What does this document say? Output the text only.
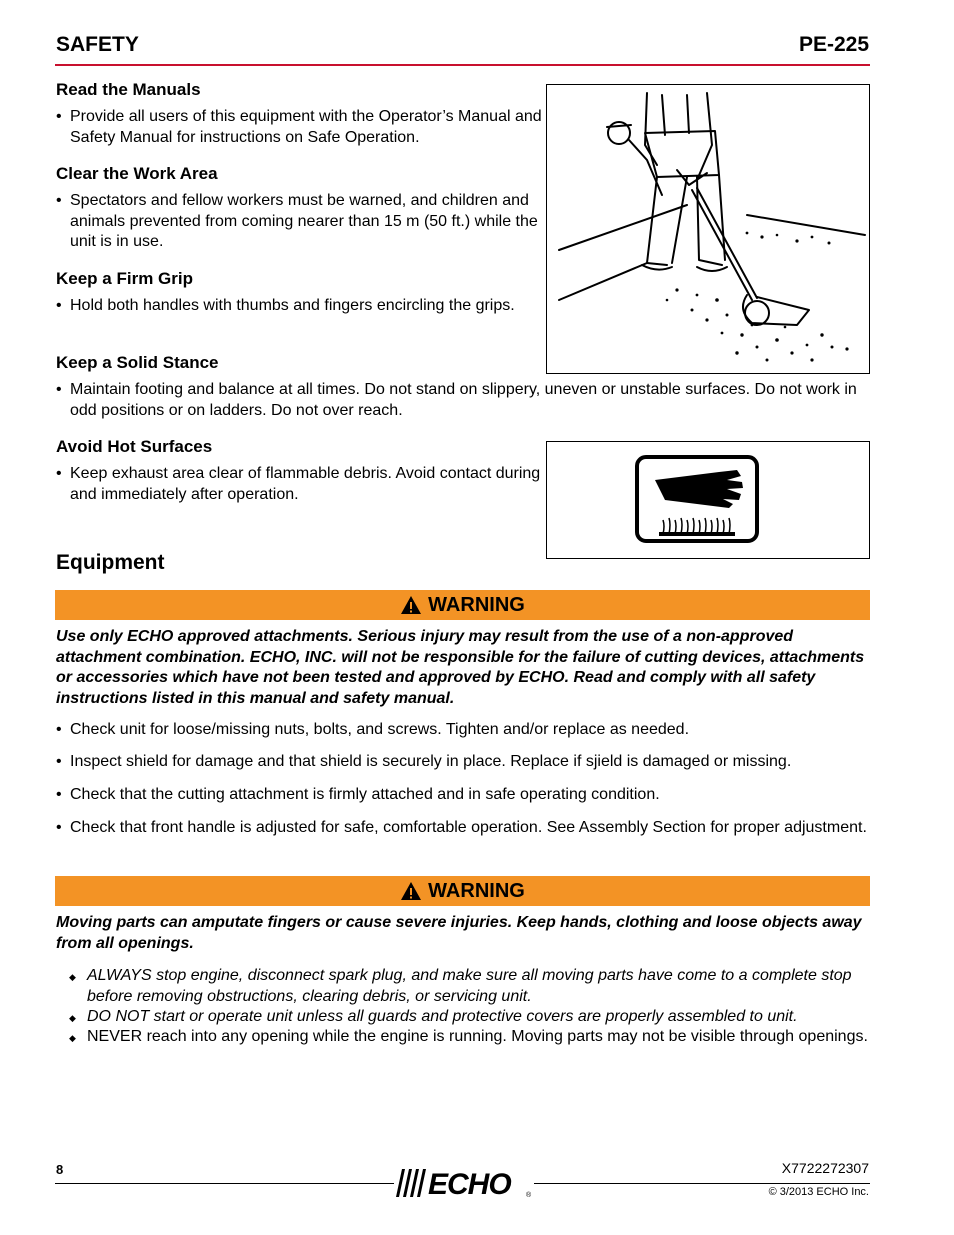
SAFETY	PE-225
Read the Manuals
• Provide all users of this equipment with the Operator’s Manual and Safety Manual for instructions on Safe Operation.
Clear the Work Area
• Spectators and fellow workers must be warned, and children and animals prevented from coming nearer than 15 m (50 ft.) while the unit is in use.
Keep a Firm Grip
• Hold both handles with thumbs and fingers encircling the grips.
Keep a Solid Stance
• Maintain footing and balance at all times. Do not stand on slippery, uneven or unstable surfaces. Do not work in odd positions or on ladders. Do not over reach.
Avoid Hot Surfaces
• Keep exhaust area clear of flammable debris. Avoid contact during and immediately after operation.
Equipment
WARNING
Use only ECHO approved attachments. Serious injury may result from the use of a non-approved attachment combination. ECHO, INC. will not be responsible for the failure of cutting devices, attachments or accessories which have not been tested and approved by ECHO. Read and comply with all safety instructions listed in this manual and safety manual.
• Check unit for loose/missing nuts, bolts, and screws. Tighten and/or replace as needed.
• Inspect shield for damage and that shield is securely in place. Replace if sjield is damaged or missing.
• Check that the cutting attachment is firmly attached and in safe operating condition.
• Check that front handle is adjusted for safe, comfortable operation. See Assembly Section for proper adjustment.
WARNING
Moving parts can amputate fingers or cause severe injuries. Keep hands, clothing and loose objects away from all openings.
◆ ALWAYS stop engine, disconnect spark plug, and make sure all moving parts have come to a complete stop before removing obstructions, clearing debris, or servicing unit.
◆ DO NOT start or operate unit unless all guards and protective covers are properly assembled to unit.
◆ NEVER reach into any opening while the engine is running. Moving parts may not be visible through openings.
8	ECHO ®
X7722272307
© 3/2013 ECHO Inc.
